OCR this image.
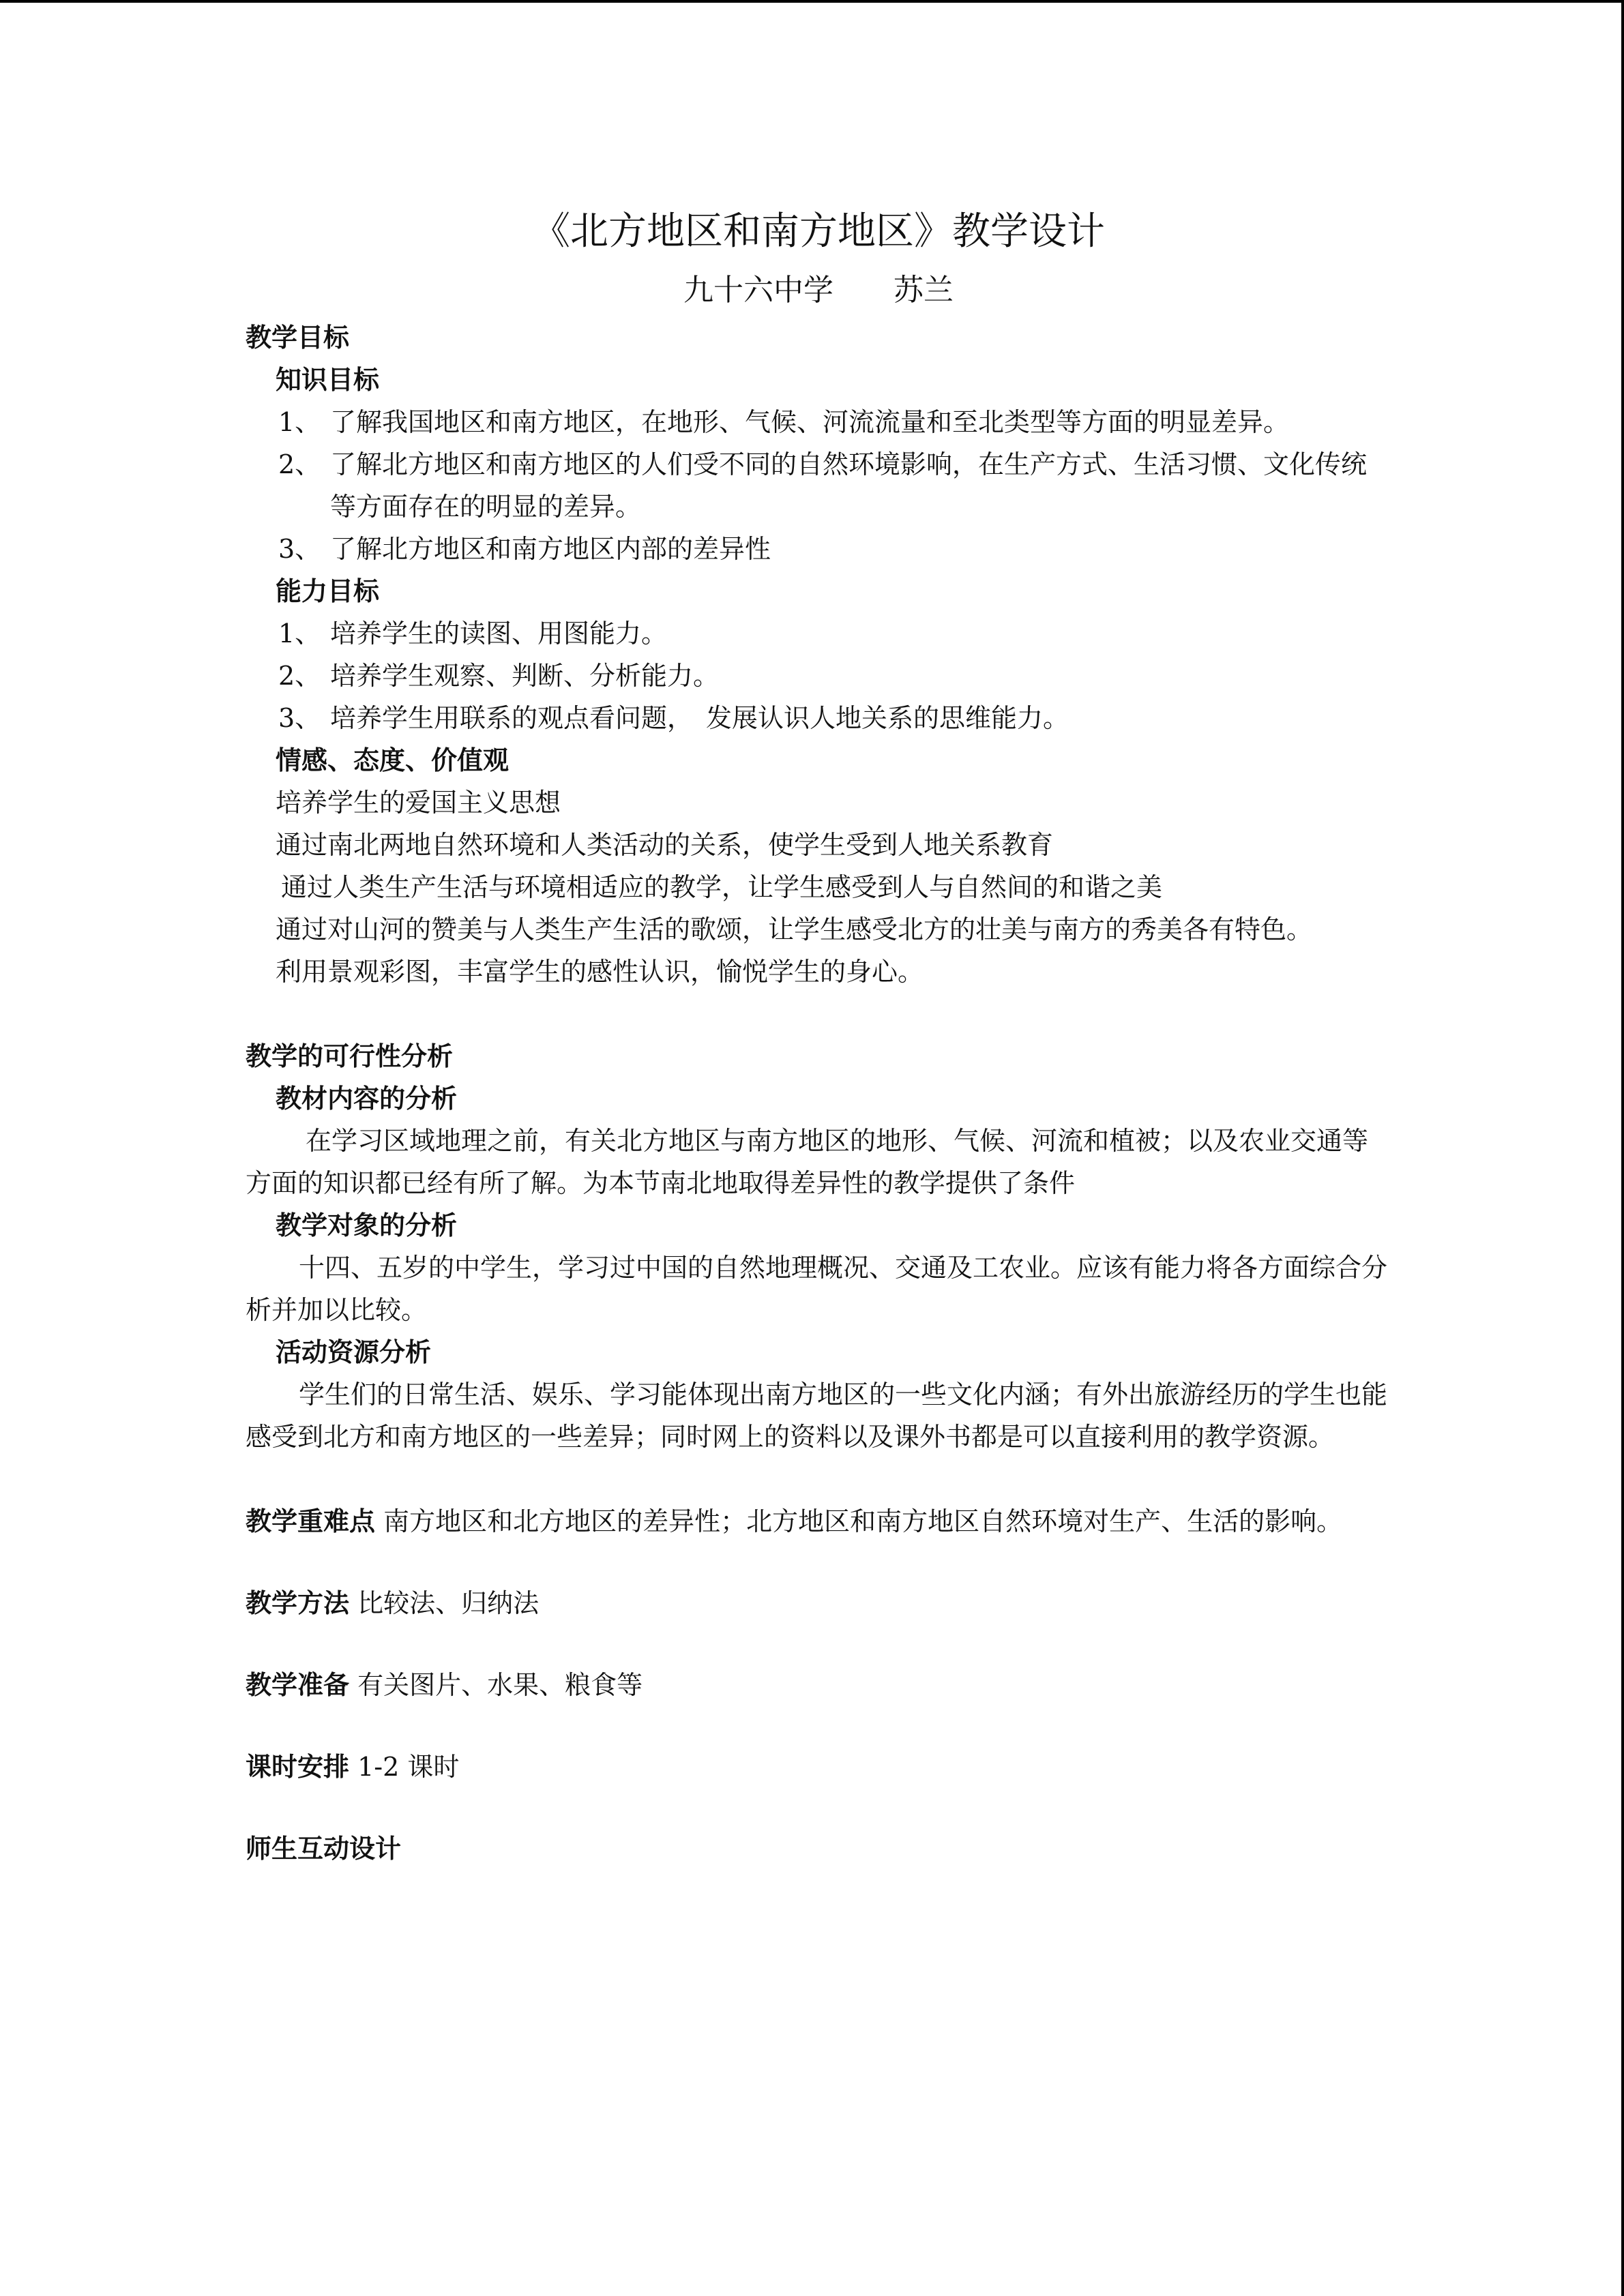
《北方地区和南方地区》教学设计
九十六中学　　苏兰
教学目标
知识目标
1、 了解我国地区和南方地区，在地形、气候、河流流量和至北类型等方面的明显差异。
2、 了解北方地区和南方地区的人们受不同的自然环境影响，在生产方式、生活习惯、文化传统等方面存在的明显的差异。
3、 了解北方地区和南方地区内部的差异性
能力目标
1、 培养学生的读图、用图能力。
2、 培养学生观察、判断、分析能力。
3、 培养学生用联系的观点看问题，　发展认识人地关系的思维能力。
情感、态度、价值观
培养学生的爱国主义思想
通过南北两地自然环境和人类活动的关系，使学生受到人地关系教育
通过人类生产生活与环境相适应的教学，让学生感受到人与自然间的和谐之美
通过对山河的赞美与人类生产生活的歌颂，让学生感受北方的壮美与南方的秀美各有特色。
利用景观彩图，丰富学生的感性认识，愉悦学生的身心。
教学的可行性分析
教材内容的分析
在学习区域地理之前，有关北方地区与南方地区的地形、气候、河流和植被；以及农业交通等方面的知识都已经有所了解。为本节南北地取得差异性的教学提供了条件
教学对象的分析
十四、五岁的中学生，学习过中国的自然地理概况、交通及工农业。应该有能力将各方面综合分析并加以比较。
活动资源分析
学生们的日常生活、娱乐、学习能体现出南方地区的一些文化内涵；有外出旅游经历的学生也能感受到北方和南方地区的一些差异；同时网上的资料以及课外书都是可以直接利用的教学资源。
教学重难点 南方地区和北方地区的差异性；北方地区和南方地区自然环境对生产、生活的影响。
教学方法 比较法、归纳法
教学准备 有关图片、水果、粮食等
课时安排 1-2 课时
师生互动设计
